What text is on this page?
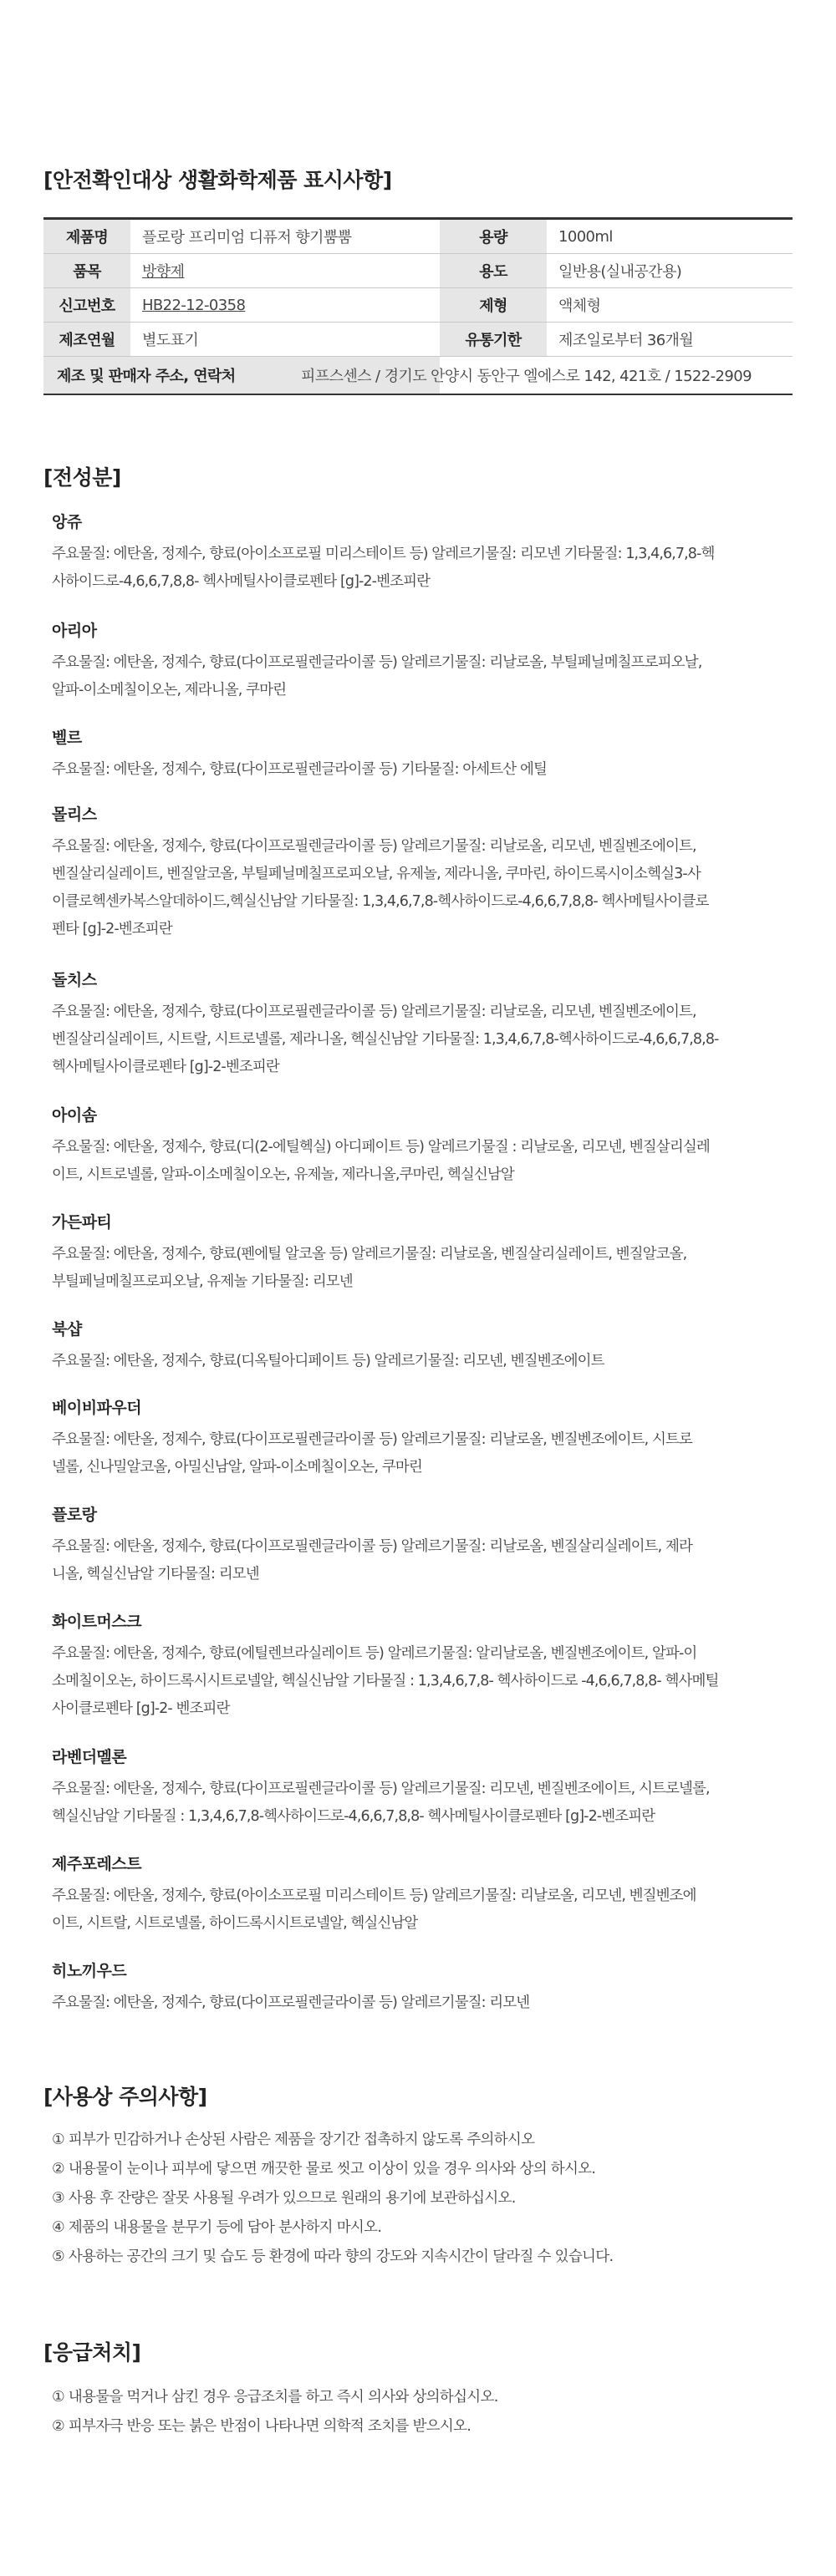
[안전확인대상 생활화학제품 표시사항]
제품명	플로랑 프리미엄 디퓨저 향기뿜뿜	용량	1000ml
품목	방향제	용도	일반용(실내공간용)
신고번호	HB22-12-0358	제형	액체형
제조연월	별도표기	유통기한	제조일로부터 36개월
제조 및 판매자 주소, 연락처		피프스센스 / 경기도 안양시 동안구 엘에스로 142, 421호 / 1522-2909	
[전성분]
앙쥬

주요물질: 에탄올, 정제수, 향료(아이소프로필 미리스테이트 등) 알레르기물질: 리모넨 기타물질: 1,3,4,6,7,8-헥

사하이드로-4,6,6,7,8,8- 헥사메틸사이클로펜타 [g]-2-벤조피란

아리아

주요물질: 에탄올, 정제수, 향료(다이프로필렌글라이콜 등) 알레르기물질: 리날로올, 부틸페닐메칠프로피오날,

알파-이소메칠이오논, 제라니올, 쿠마린

벨르

주요물질: 에탄올, 정제수, 향료(다이프로필렌글라이콜 등) 기타물질: 아세트산 에틸

몰리스

주요물질: 에탄올, 정제수, 향료(다이프로필렌글라이콜 등) 알레르기물질: 리날로올, 리모넨, 벤질벤조에이트,

벤질살리실레이트, 벤질알코올, 부틸페닐메칠프로피오날, 유제놀, 제라니올, 쿠마린, 하이드록시이소헥실3-사

이클로헥센카복스알데하이드,헥실신남알 기타물질: 1,3,4,6,7,8-헥사하이드로-4,6,6,7,8,8- 헥사메틸사이클로

펜타 [g]-2-벤조피란

돌치스

주요물질: 에탄올, 정제수, 향료(다이프로필렌글라이콜 등) 알레르기물질: 리날로올, 리모넨, 벤질벤조에이트,

벤질살리실레이트, 시트랄, 시트로넬롤, 제라니올, 헥실신남알 기타물질: 1,3,4,6,7,8-헥사하이드로-4,6,6,7,8,8-

헥사메틸사이클로펜타 [g]-2-벤조피란

아이솜

주요물질: 에탄올, 정제수, 향료(디(2-에틸헥실) 아디페이트 등) 알레르기물질 : 리날로올, 리모넨, 벤질살리실레

이트, 시트로넬롤, 알파-이소메칠이오논, 유제놀, 제라니올,쿠마린, 헥실신남알

가든파티

주요물질: 에탄올, 정제수, 향료(펜에틸 알코올 등) 알레르기물질: 리날로올, 벤질살리실레이트, 벤질알코올,

부틸페닐메칠프로피오날, 유제놀 기타물질: 리모넨

북샵

주요물질: 에탄올, 정제수, 향료(디옥틸아디페이트 등) 알레르기물질: 리모넨, 벤질벤조에이트

베이비파우더

주요물질: 에탄올, 정제수, 향료(다이프로필렌글라이콜 등) 알레르기물질: 리날로올, 벤질벤조에이트, 시트로

넬롤, 신나밀알코올, 아밀신남알, 알파-이소메칠이오논, 쿠마린

플로랑

주요물질: 에탄올, 정제수, 향료(다이프로필렌글라이콜 등) 알레르기물질: 리날로올, 벤질살리실레이트, 제라

니올, 헥실신남알 기타물질: 리모넨

화이트머스크

주요물질: 에탄올, 정제수, 향료(에틸렌브라실레이트 등) 알레르기물질: 알리날로올, 벤질벤조에이트, 알파-이

소메칠이오논, 하이드록시시트로넬알, 헥실신남알 기타물질 : 1,3,4,6,7,8- 헥사하이드로 -4,6,6,7,8,8- 헥사메틸

사이클로펜타 [g]-2- 벤조피란

라벤더멜론

주요물질: 에탄올, 정제수, 향료(다이프로필렌글라이콜 등) 알레르기물질: 리모넨, 벤질벤조에이트, 시트로넬롤,

헥실신남알 기타물질 : 1,3,4,6,7,8-헥사하이드로-4,6,6,7,8,8- 헥사메틸사이클로펜타 [g]-2-벤조피란

제주포레스트

주요물질: 에탄올, 정제수, 향료(아이소프로필 미리스테이트 등) 알레르기물질: 리날로올, 리모넨, 벤질벤조에

이트, 시트랄, 시트로넬롤, 하이드록시시트로넬알, 헥실신남알

히노끼우드

주요물질: 에탄올, 정제수, 향료(다이프로필렌글라이콜 등) 알레르기물질: 리모넨

[사용상 주의사항]
① 피부가 민감하거나 손상된 사람은 제품을 장기간 접촉하지 않도록 주의하시오
② 내용물이 눈이나 피부에 닿으면 깨끗한 물로 씻고 이상이 있을 경우 의사와 상의 하시오.
③ 사용 후 잔량은 잘못 사용될 우려가 있으므로 원래의 용기에 보관하십시오.
④ 제품의 내용물을 분무기 등에 담아 분사하지 마시오.
⑤ 사용하는 공간의 크기 및 습도 등 환경에 따라 향의 강도와 지속시간이 달라질 수 있습니다.
[응급처치]
① 내용물을 먹거나 삼킨 경우 응급조치를 하고 즉시 의사와 상의하십시오.
② 피부자극 반응 또는 붉은 반점이 나타나면 의학적 조치를 받으시오.
